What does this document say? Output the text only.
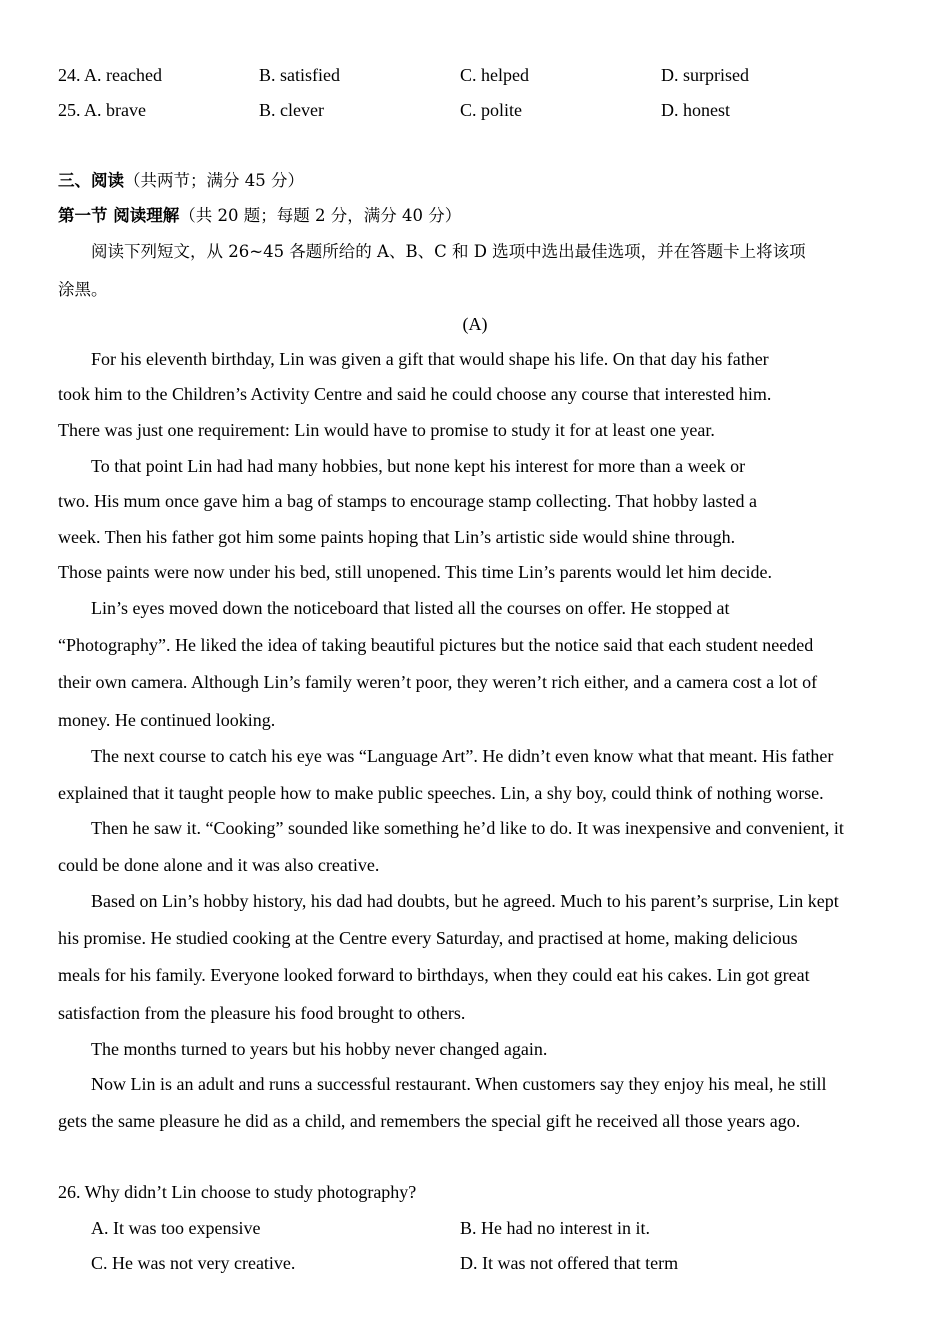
24. A. reached	B. satisfied	C. helped	D. surprised
25. A. brave	B. clever	C. polite	D. honest
三、阅读（共两节；满分 45 分）
第一节 阅读理解（共 20 题；每题 2 分，满分 40 分）
阅读下列短文，从 26~45 各题所给的 A、B、C 和 D 选项中选出最佳选项，并在答题卡上将该项
涂黑。
(A)
For his eleventh birthday, Lin was given a gift that would shape his life. On that day his father
took him to the Children’s Activity Centre and said he could choose any course that interested him.
There was just one requirement: Lin would have to promise to study it for at least one year.
To that point Lin had had many hobbies, but none kept his interest for more than a week or
two. His mum once gave him a bag of stamps to encourage stamp collecting. That hobby lasted a
week. Then his father got him some paints hoping that Lin’s artistic side would shine through.
Those paints were now under his bed, still unopened. This time Lin’s parents would let him decide.
Lin’s eyes moved down the noticeboard that listed all the courses on offer. He stopped at
“Photography”. He liked the idea of taking beautiful pictures but the notice said that each student needed
their own camera. Although Lin’s family weren’t poor, they weren’t rich either, and a camera cost a lot of
money. He continued looking.
The next course to catch his eye was “Language Art”. He didn’t even know what that meant. His father
explained that it taught people how to make public speeches. Lin, a shy boy, could think of nothing worse.
Then he saw it. “Cooking” sounded like something he’d like to do. It was inexpensive and convenient, it
could be done alone and it was also creative.
Based on Lin’s hobby history, his dad had doubts, but he agreed. Much to his parent’s surprise, Lin kept
his promise. He studied cooking at the Centre every Saturday, and practised at home, making delicious
meals for his family. Everyone looked forward to birthdays, when they could eat his cakes. Lin got great
satisfaction from the pleasure his food brought to others.
The months turned to years but his hobby never changed again.
Now Lin is an adult and runs a successful restaurant. When customers say they enjoy his meal, he still
gets the same pleasure he did as a child, and remembers the special gift he received all those years ago.
26. Why didn’t Lin choose to study photography?
A. It was too expensive	B. He had no interest in it.
C. He was not very creative.	D. It was not offered that term
